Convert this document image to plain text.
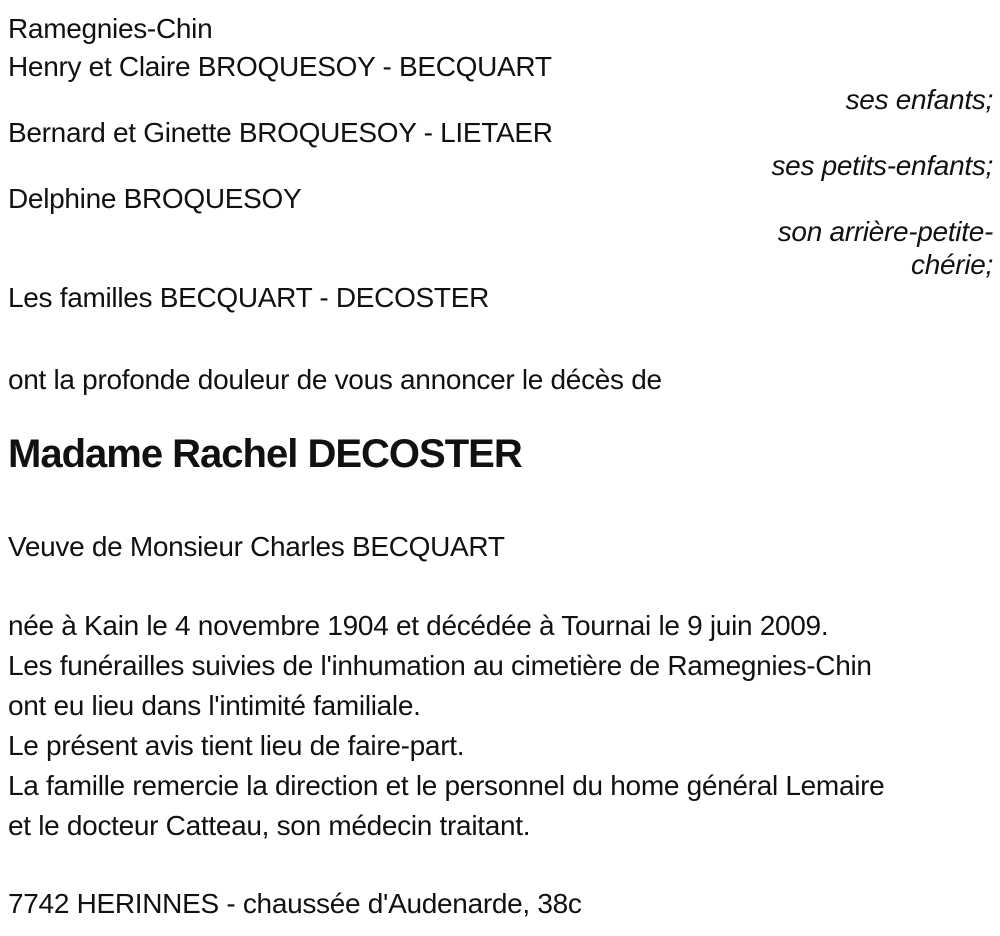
Ramegnies-Chin
Henry et Claire BROQUESOY - BECQUART
ses enfants;
Bernard et Ginette BROQUESOY - LIETAER
ses petits-enfants;
Delphine BROQUESOY
son arrière-petite-chérie;
Les familles BECQUART - DECOSTER
ont la profonde douleur de vous annoncer le décès de
Madame Rachel DECOSTER
Veuve de Monsieur Charles BECQUART
née à Kain le 4 novembre 1904 et décédée à Tournai le 9 juin 2009.
Les funérailles suivies de l'inhumation au cimetière de Ramegnies-Chin
ont eu lieu dans l'intimité familiale.
Le présent avis tient lieu de faire-part.
La famille remercie la direction et le personnel du home général Lemaire
et le docteur Catteau, son médecin traitant.
7742 HERINNES - chaussée d'Audenarde, 38c
